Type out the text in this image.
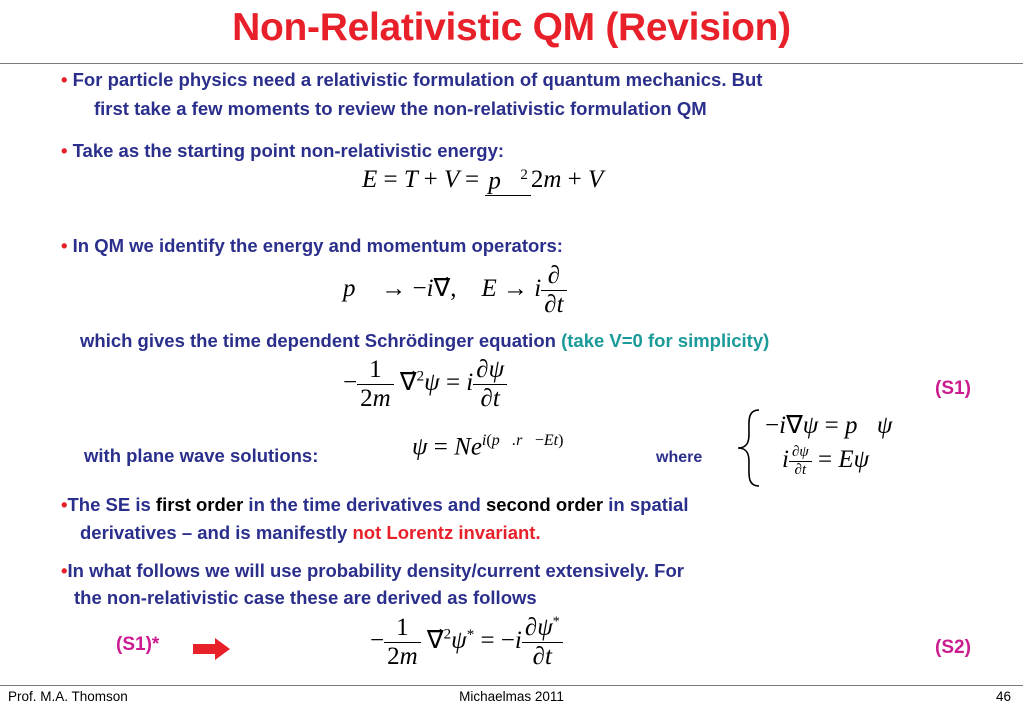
Non-Relativistic QM (Revision)
• For particle physics need a relativistic formulation of quantum mechanics. But
first take a few moments to review the non-relativistic formulation QM
• Take as the starting point non-relativistic energy:
E = T + V = p⃗$^2$ 2m + V
• In QM we identify the energy and momentum operators:
p⃗ → −i∇⃗,    E → i $\frac{\partial}{\partial t}$
which gives the time dependent Schrödinger equation (take V=0 for simplicity)
− $\frac{1}{2m}$ ∇⃗$^2$ψ = i $\frac{\partial\psi}{\partial t}$	(S1)
with plane wave solutions:	$\psi = Ne^{i(p⃗.r⃗-Et)}$
where
−i∇ψ = p⃗ψ
i $\frac{\partial\psi}{\partial t} = E\psi$
•The SE is first order in the time derivatives and second order in spatial
derivatives – and is manifestly not Lorentz invariant.
•In what follows we will use probability density/current extensively. For
the non-relativistic case these are derived as follows
(S1)*	− $\frac{1}{2m}$ ∇⃗$^2$ψ* = $-i \frac{\partial\psi^*}{\partial t}$	(S2)
Prof. M.A. Thomson	Michaelmas 2011	46
